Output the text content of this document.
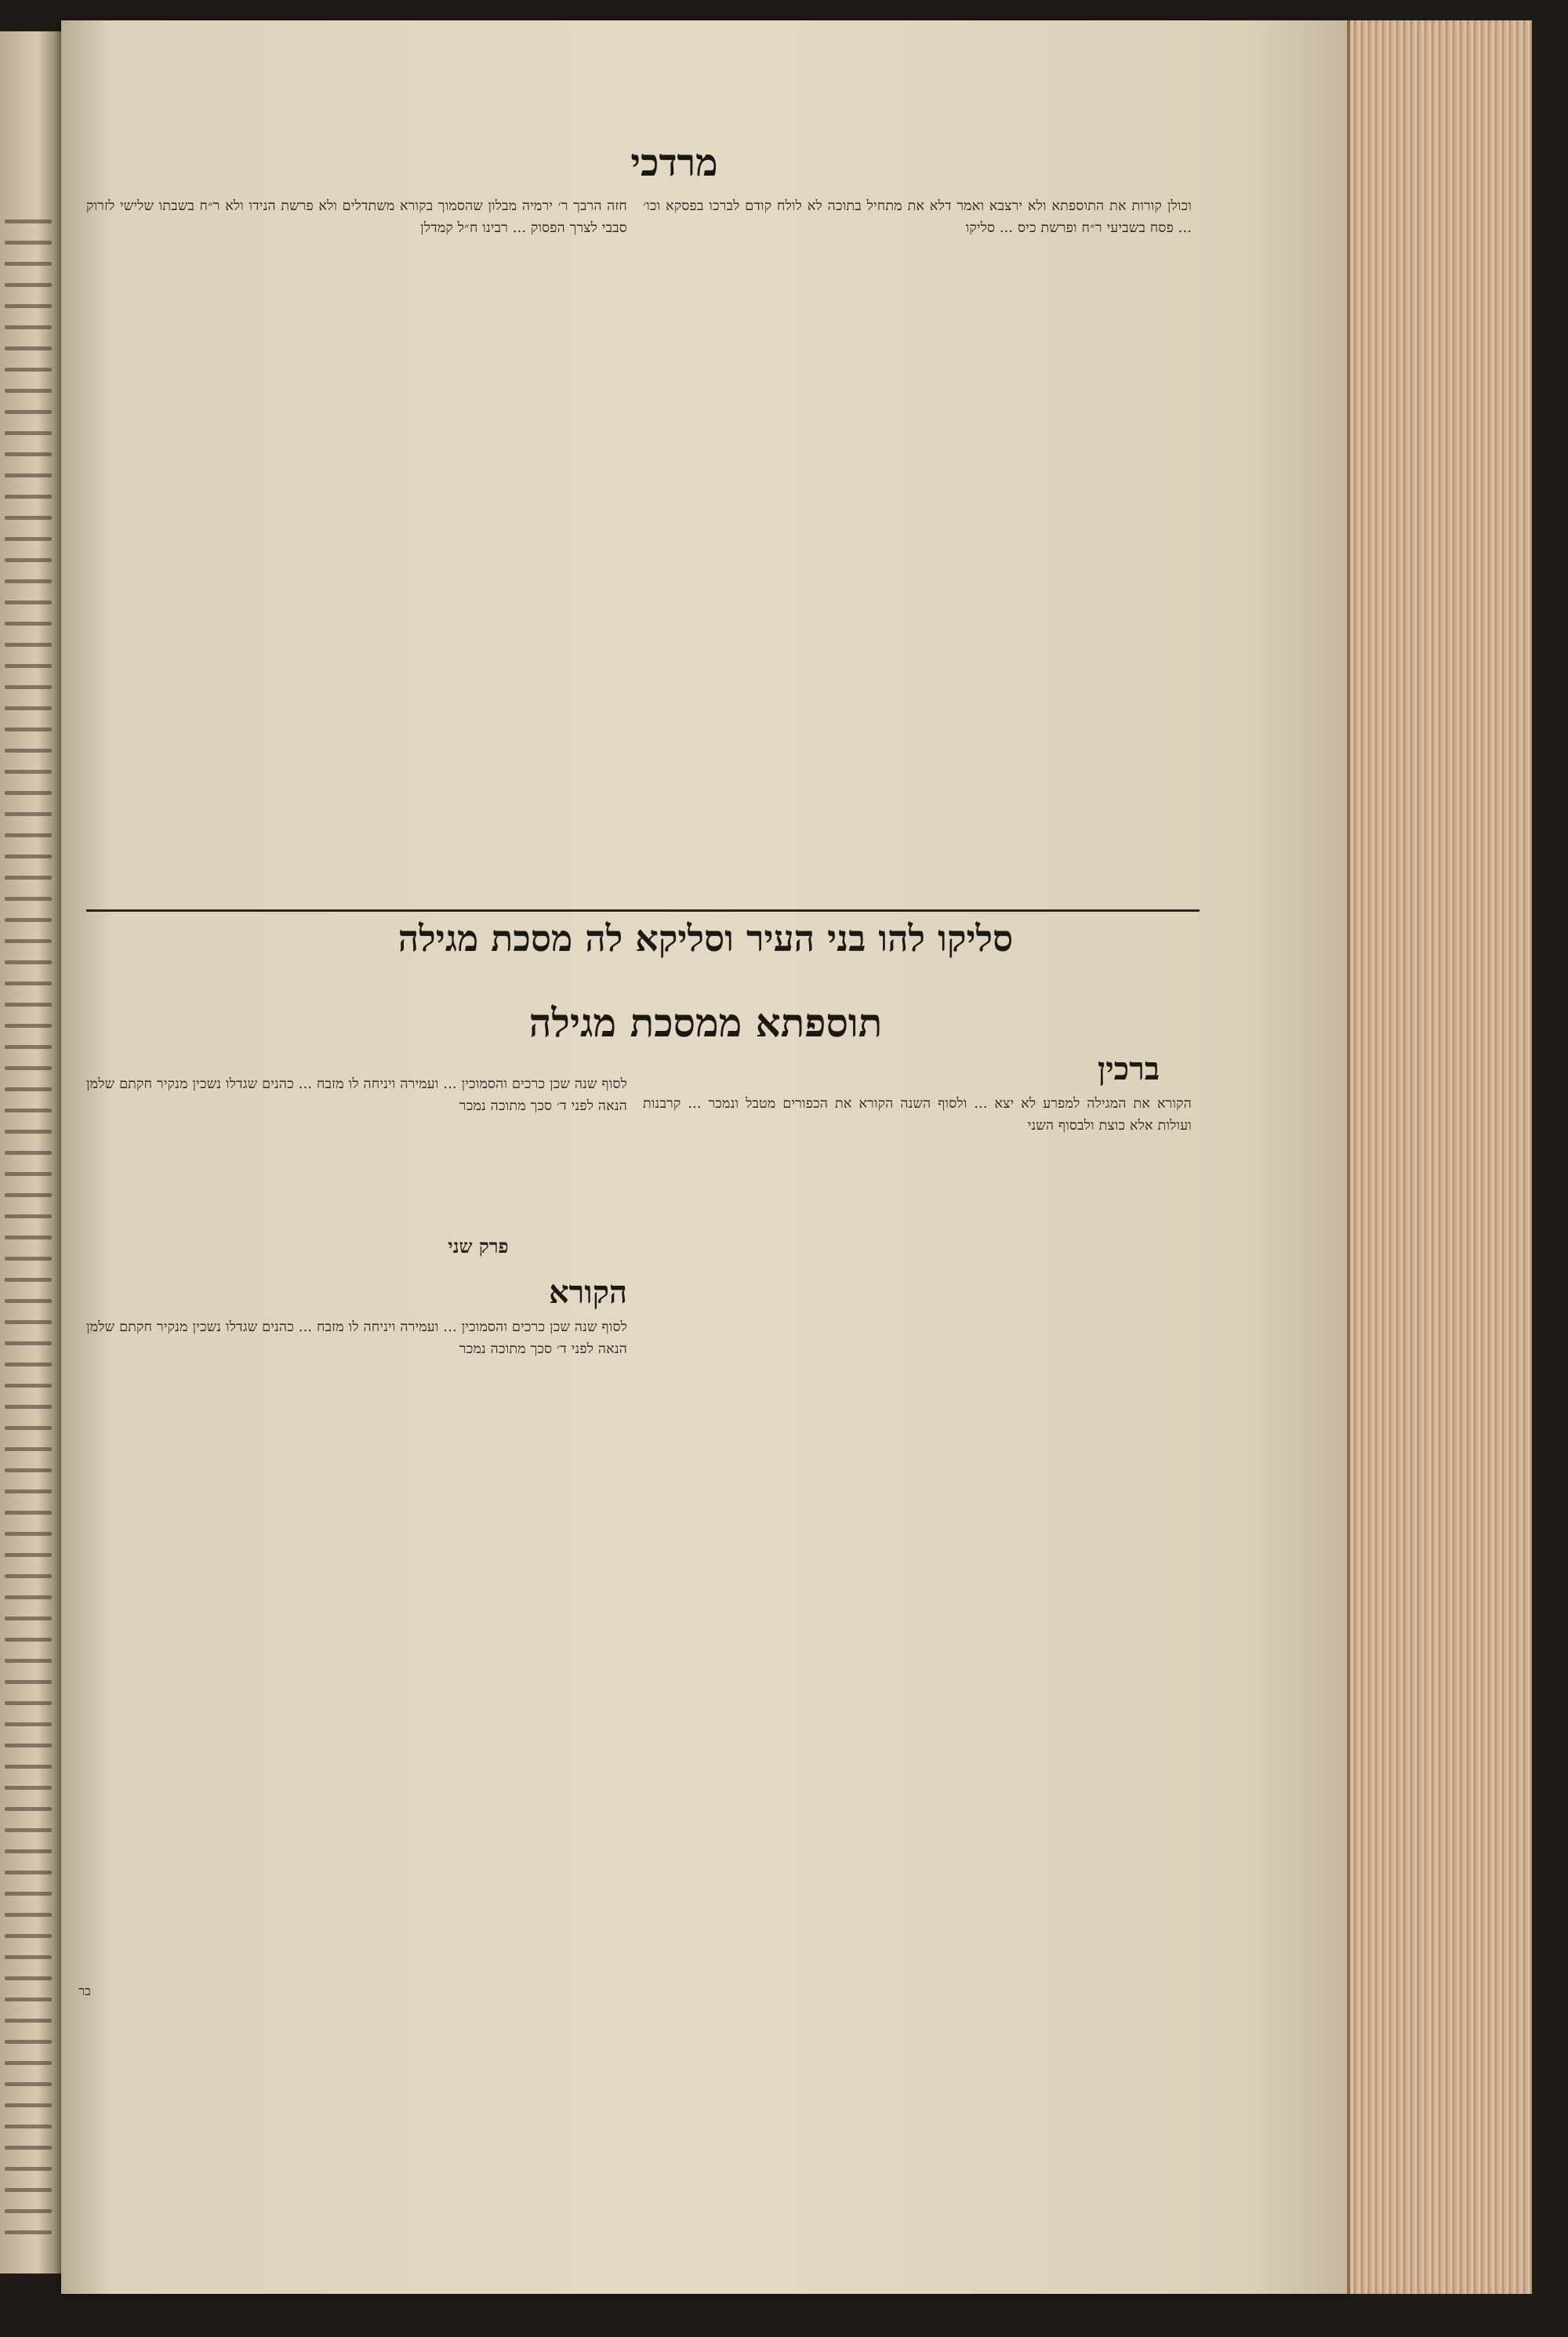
מרדכי
וכולן קורות את התוספתא ולא ירצבא ואמר דלא את מתחיל בתוכה לא לולח קודם לברכו בפסקא וכו׳ ... פסח בשביעי ר״ח ופרשת כיס ... סליקו
חזה הרבך ר׳ ירמיה מבלון שהסמוך בקורא משתדלים ולא פרשת הנידו ולא ר״ח בשבתו שלישי לזרוק סבבי לצרך הפסוק ... רבינו ח״ל קמדלן
סליקו להו בני העיר וסליקא לה מסכת מגילה
תוספתא ממסכת מגילה
ברכין
הקורא את המגילה למפרע לא יצא ... ולסוף השנה הקורא את הכפורים מטבל ונמכר ... קרבנות ועולות אלא כוצת ולבסוף השני
לסוף שנה שכן כרכים והסמוכין ... ועמירה ויניחה לו מזבח ... כהנים שגדלו נשכין מנקיר חקתם שלמן הנאה לפני ד׳ סכך מתוכה נמכר
פרק שני
הקורא
לסוף שנה שכן כרכים והסמוכין ... ועמירה ויניחה לו מזבח ... כהנים שגדלו נשכין מנקיר חקתם שלמן הנאה לפני ד׳ סכך מתוכה נמכר
בר
